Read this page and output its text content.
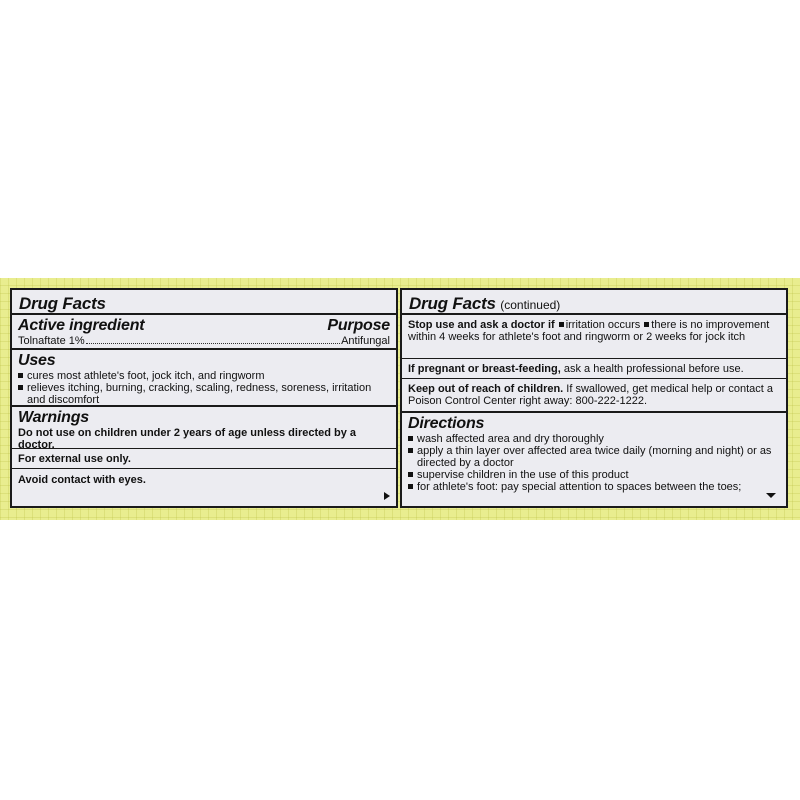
Drug Facts
Active ingredient	Purpose
Tolnaftate 1%	Antifungal
Uses
cures most athlete's foot, jock itch, and ringworm
relieves itching, burning, cracking, scaling, redness, soreness, irritation and discomfort
Warnings
Do not use on children under 2 years of age unless directed by a doctor.
For external use only.
Avoid contact with eyes.
Drug Facts (continued)
Stop use and ask a doctor if irritation occurs there is no improvement within 4 weeks for athlete's foot and ringworm or 2 weeks for jock itch
If pregnant or breast-feeding, ask a health professional before use.
Keep out of reach of children. If swallowed, get medical help or contact a Poison Control Center right away: 800-222-1222.
Directions
wash affected area and dry thoroughly
apply a thin layer over affected area twice daily (morning and night) or as directed by a doctor
supervise children in the use of this product
for athlete's foot: pay special attention to spaces between the toes;
